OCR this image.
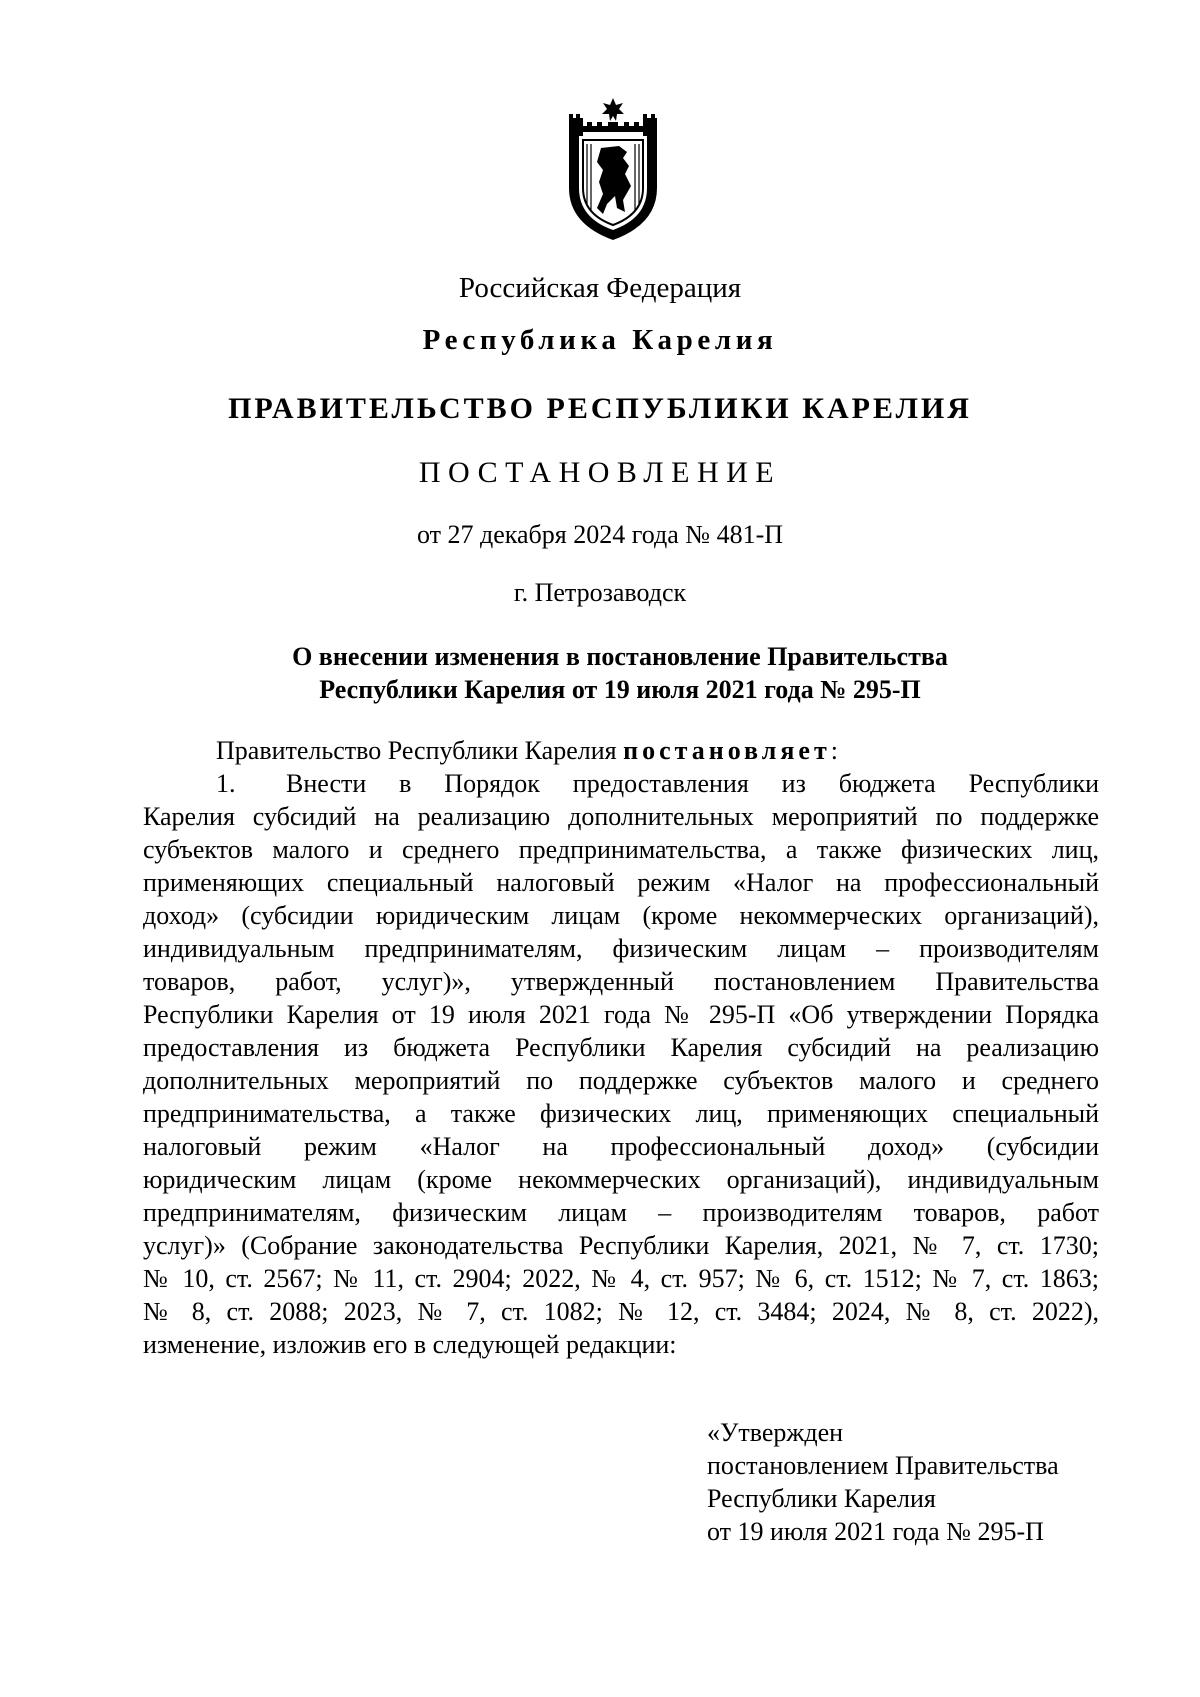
Российская Федерация
Республика Карелия
ПРАВИТЕЛЬСТВО РЕСПУБЛИКИ КАРЕЛИЯ
ПОСТАНОВЛЕНИЕ
от 27 декабря 2024 года № 481-П
г. Петрозаводск
О внесении изменения в постановление Правительства
Республики Карелия от 19 июля 2021 года № 295-П
Правительство Республики Карелия постановляет:
1. Внести в Порядок предоставления из бюджета Республики
Карелия субсидий на реализацию дополнительных мероприятий по поддержке
субъектов малого и среднего предпринимательства, а также физических лиц,
применяющих специальный налоговый режим «Налог на профессиональный
доход» (субсидии юридическим лицам (кроме некоммерческих организаций),
индивидуальным предпринимателям, физическим лицам – производителям
товаров, работ, услуг)», утвержденный постановлением Правительства
Республики Карелия от 19 июля 2021 года № 295-П «Об утверждении Порядка
предоставления из бюджета Республики Карелия субсидий на реализацию
дополнительных мероприятий по поддержке субъектов малого и среднего
предпринимательства, а также физических лиц, применяющих специальный
налоговый режим «Налог на профессиональный доход» (субсидии
юридическим лицам (кроме некоммерческих организаций), индивидуальным
предпринимателям, физическим лицам – производителям товаров, работ
услуг)» (Собрание законодательства Республики Карелия, 2021, № 7, ст. 1730;
№ 10, ст. 2567; № 11, ст. 2904; 2022, № 4, ст. 957; № 6, ст. 1512; № 7, ст. 1863;
№ 8, ст. 2088; 2023, № 7, ст. 1082; № 12, ст. 3484; 2024, № 8, ст. 2022),
изменение, изложив его в следующей редакции:
«Утвержден
постановлением Правительства
Республики Карелия
от 19 июля 2021 года № 295-П
